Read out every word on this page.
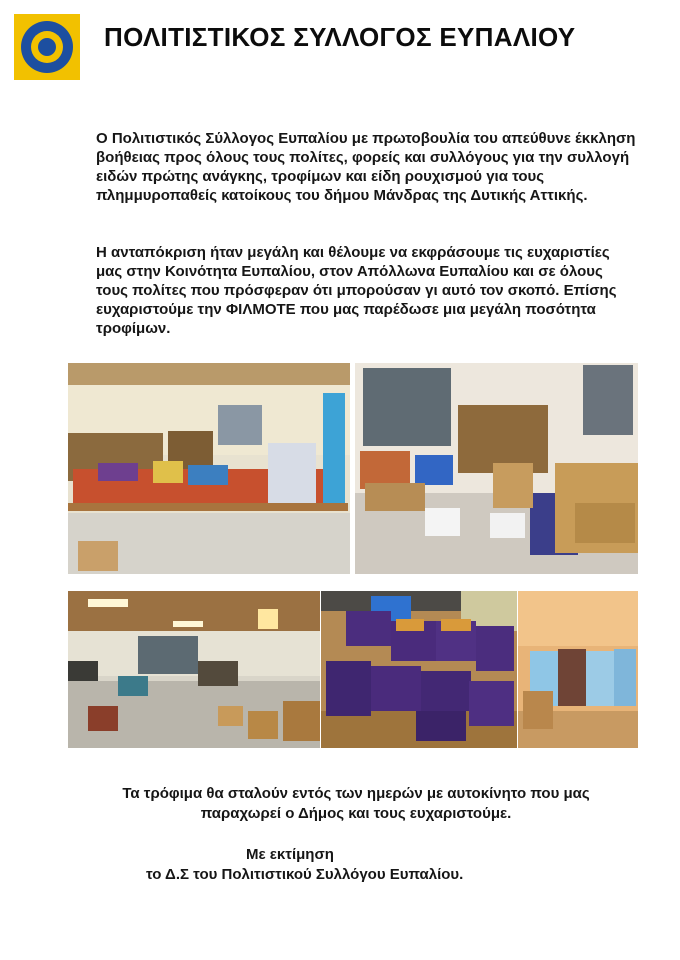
ΠΟΛΙΤΙΣΤΙΚΟΣ ΣΥΛΛΟΓΟΣ ΕΥΠΑΛΙΟΥ

Ο Πολιτιστικός Σύλλογος Ευπαλίου με πρωτοβουλία του απεύθυνε έκκληση βοήθειας προς όλους τους πολίτες, φορείς και συλλόγους για την συλλογή ειδών πρώτης ανάγκης, τροφίμων και είδη ρουχισμού για τους πλημμυροπαθείς κατοίκους του δήμου Μάνδρας της Δυτικής Αττικής.

Η ανταπόκριση ήταν μεγάλη και θέλουμε να εκφράσουμε τις ευχαριστίες μας στην Κοινότητα Ευπαλίου, στον Απόλλωνα Ευπαλίου και σε όλους τους πολίτες που πρόσφεραν ότι μπορούσαν γι αυτό τον σκοπό. Επίσης ευχαριστούμε την ΦΙΛΜΟΤΕ που μας παρέδωσε μια μεγάλη ποσότητα τροφίμων.

Τα τρόφιμα θα σταλούν εντός των ημερών με αυτοκίνητο που μας παραχωρεί ο Δήμος και τους ευχαριστούμε.

Με εκτίμηση
το Δ.Σ του Πολιτιστικού Συλλόγου Ευπαλίου.
